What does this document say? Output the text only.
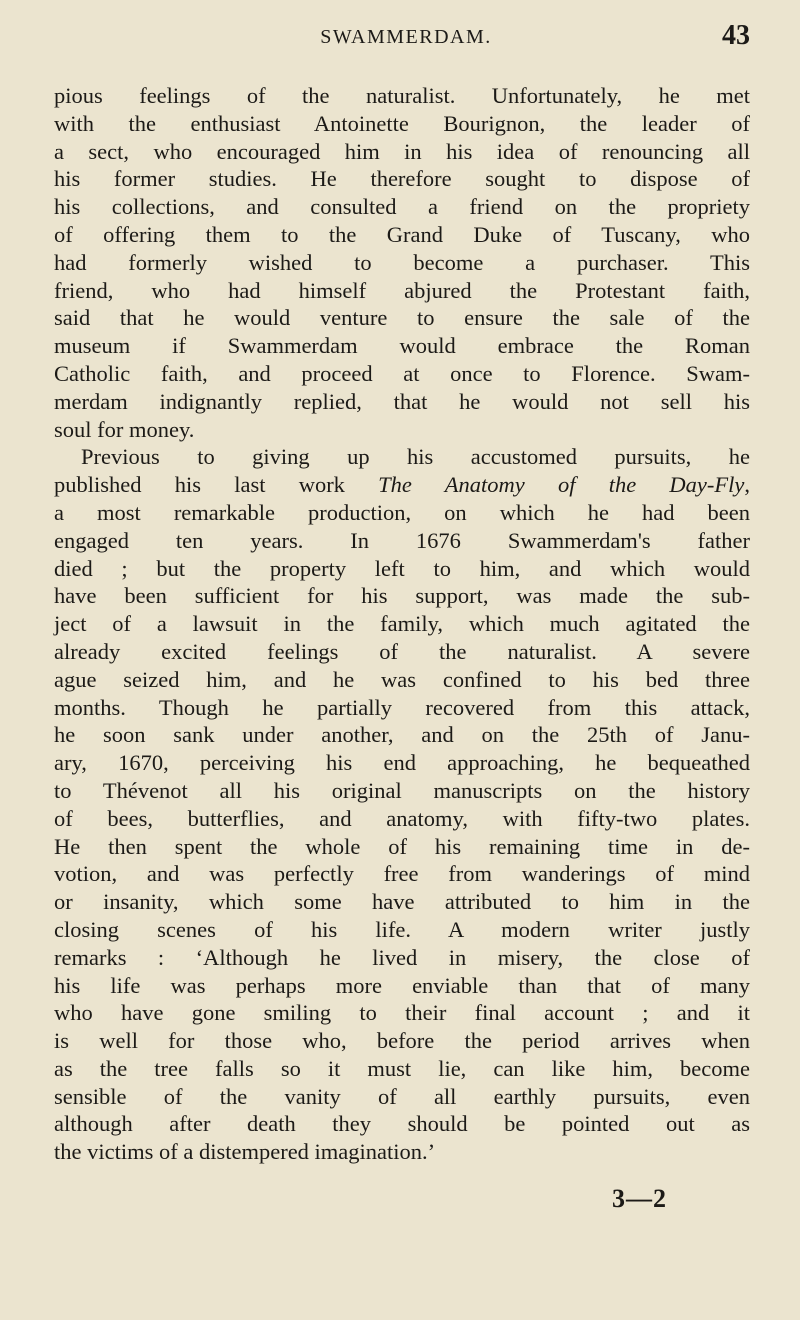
SWAMMERDAM.	43
pious feelings of the naturalist. Unfortunately, he met
with the enthusiast Antoinette Bourignon, the leader of
a sect, who encouraged him in his idea of renouncing all
his former studies. He therefore sought to dispose of
his collections, and consulted a friend on the propriety
of offering them to the Grand Duke of Tuscany, who
had formerly wished to become a purchaser. This
friend, who had himself abjured the Protestant faith,
said that he would venture to ensure the sale of the
museum if Swammerdam would embrace the Roman
Catholic faith, and proceed at once to Florence. Swam-
merdam indignantly replied, that he would not sell his
soul for money.
Previous to giving up his accustomed pursuits, he
published his last work The Anatomy of the Day-Fly,
a most remarkable production, on which he had been
engaged ten years. In 1676 Swammerdam's father
died ; but the property left to him, and which would
have been sufficient for his support, was made the sub-
ject of a lawsuit in the family, which much agitated the
already excited feelings of the naturalist. A severe
ague seized him, and he was confined to his bed three
months. Though he partially recovered from this attack,
he soon sank under another, and on the 25th of Janu-
ary, 1670, perceiving his end approaching, he bequeathed
to Thévenot all his original manuscripts on the history
of bees, butterflies, and anatomy, with fifty-two plates.
He then spent the whole of his remaining time in de-
votion, and was perfectly free from wanderings of mind
or insanity, which some have attributed to him in the
closing scenes of his life. A modern writer justly
remarks : ‘Although he lived in misery, the close of
his life was perhaps more enviable than that of many
who have gone smiling to their final account ; and it
is well for those who, before the period arrives when
as the tree falls so it must lie, can like him, become
sensible of the vanity of all earthly pursuits, even
although after death they should be pointed out as
the victims of a distempered imagination.’
3—2
